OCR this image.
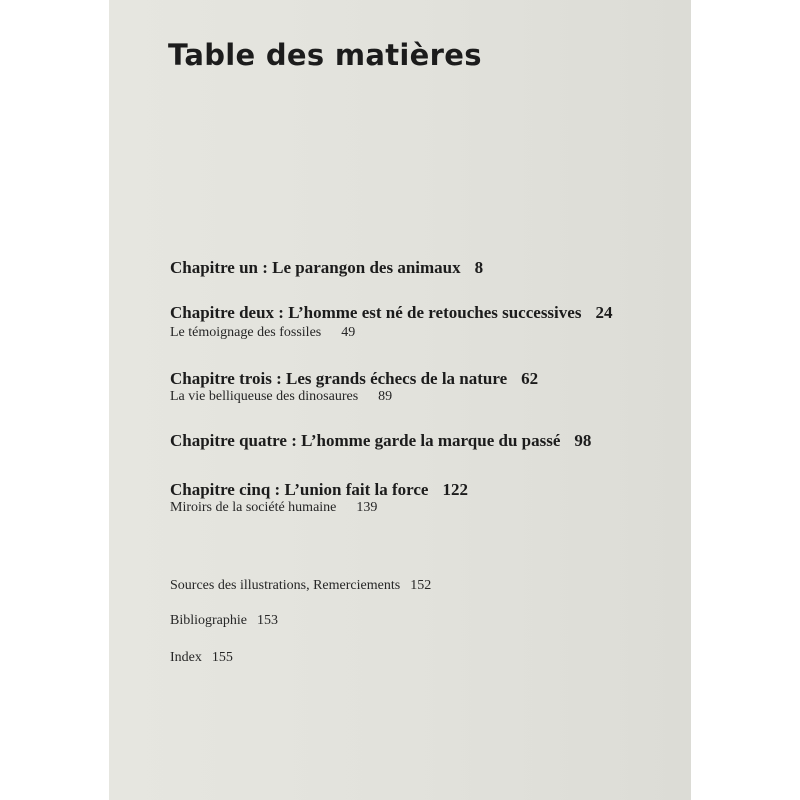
Table des matières
Chapitre un : Le parangon des animaux 8
Chapitre deux : L’homme est né de retouches successives 24
Le témoignage des fossiles 49
Chapitre trois : Les grands échecs de la nature 62
La vie belliqueuse des dinosaures 89
Chapitre quatre : L’homme garde la marque du passé 98
Chapitre cinq : L’union fait la force 122
Miroirs de la société humaine 139
Sources des illustrations, Remerciements 152
Bibliographie 153
Index 155
